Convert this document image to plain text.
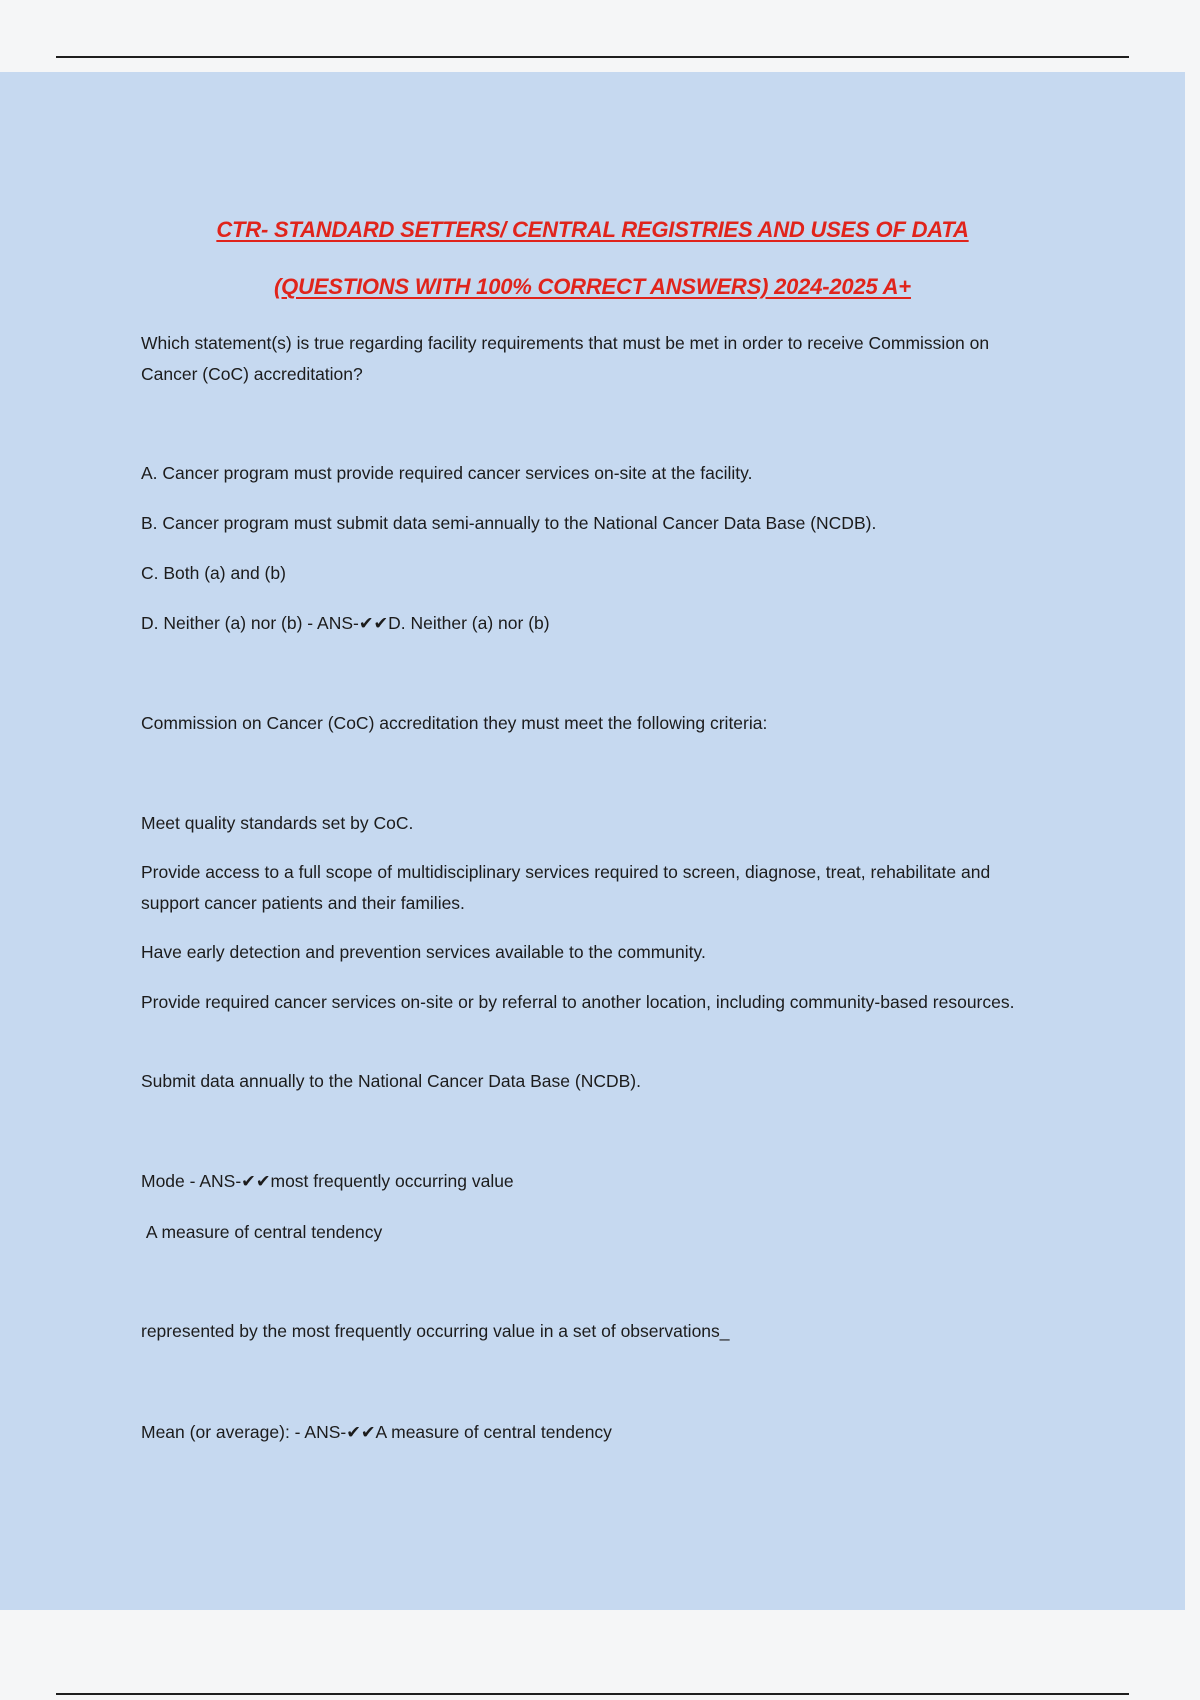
CTR- STANDARD SETTERS/ CENTRAL REGISTRIES AND USES OF DATA
(QUESTIONS WITH 100% CORRECT ANSWERS) 2024-2025 A+

Which statement(s) is true regarding facility requirements that must be met in order to receive Commission on Cancer (CoC) accreditation?

A. Cancer program must provide required cancer services on-site at the facility.

B. Cancer program must submit data semi-annually to the National Cancer Data Base (NCDB).

C. Both (a) and (b)

D. Neither (a) nor (b) - ANS-✔✔D. Neither (a) nor (b)

Commission on Cancer (CoC) accreditation they must meet the following criteria:

Meet quality standards set by CoC.

Provide access to a full scope of multidisciplinary services required to screen, diagnose, treat, rehabilitate and support cancer patients and their families.

Have early detection and prevention services available to the community.

Provide required cancer services on-site or by referral to another location, including community-based resources.

Submit data annually to the National Cancer Data Base (NCDB).

Mode - ANS-✔✔most frequently occurring value

A measure of central tendency

represented by the most frequently occurring value in a set of observations_

Mean (or average): - ANS-✔✔A measure of central tendency
